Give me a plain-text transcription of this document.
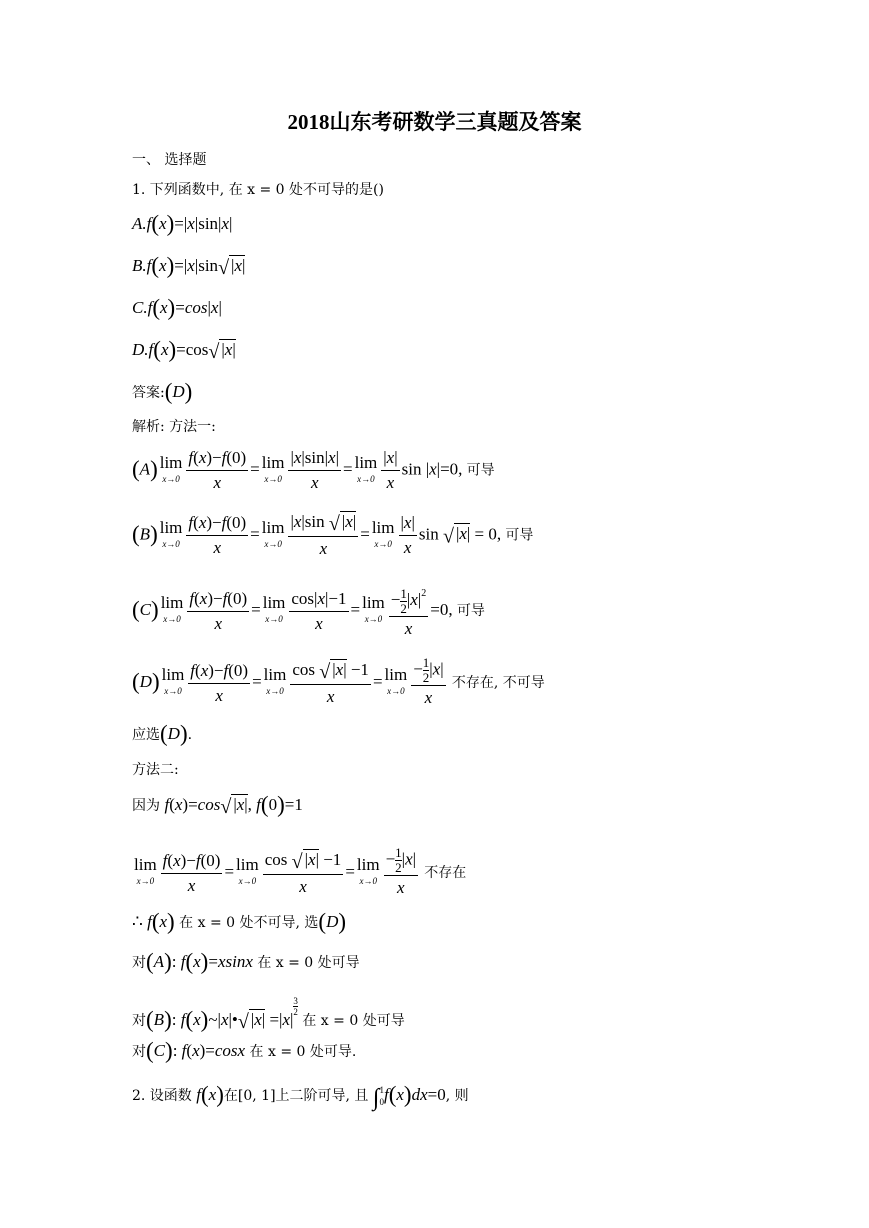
2018山东考研数学三真题及答案
一、 选择题
1. 下列函数中, 在 x = 0 处不可导的是()
A.f(x)=|x|sin|x|
B.f(x)=|x|sin√ |x|
C.f(x)=cos|x|
D.f(x)=cos√ |x|
答案:(D)
解析: 方法一:
(A) lim
$x\to 0 \frac{f(x)-f(0)}{x} = \lim$
$x\to 0 \frac{|x|\sin|x|}{x} = \lim$
$x\to 0 \frac{|x|}{x}$ sin |x|=0, 可导
(B) lim
$x\to 0 \frac{f(x)-f(0)}{x} = \lim$
$x\to 0 \frac{|x|\sin √ |x|}{x} = \lim$
$x\to 0 \frac{|x|}{x}$ sin √ |x| = 0, 可导
(C) lim
$x\to 0 \frac{f(x)-f(0)}{x} = \lim$
$x\to 0 \frac{\cos|x|-1}{x} = \lim$
$x\to 0 \frac{- \frac{1}{2} |x|^2}{x} =0$, 可导
(D) lim
$x\to 0 \frac{f(x)-f(0)}{x} = \lim$
$x\to 0 \frac{\cos √ |x| -1}{x} = \lim$
$x\to 0 \frac{- \frac{1}{2} |x|}{x}$ 不存在, 不可导
应选(D).
方法二:
因为 f(x)=cos√ |x|, f(0)=1
lim
$x\to 0 \frac{f(x)-f(0)}{x} = \lim$
$x\to 0 \frac{\cos √ |x| -1}{x} = \lim$
$x\to 0 \frac{- \frac{1}{2} |x|}{x}$ 不存在
∴ f(x) 在 x = 0 处不可导, 选(D)
对(A): f(x)=xsinx 在 x = 0 处可导
对(B): f(x)~|x|•√ |x| =|x|
$\frac{3}{2}$
在 x = 0 处可导
对(C): f(x)=cosx 在 x = 0 处可导.
2. 设函数 f(x)在[0, 1]上二阶可导, 且 ∫ 1
0 f(x)dx=0, 则
